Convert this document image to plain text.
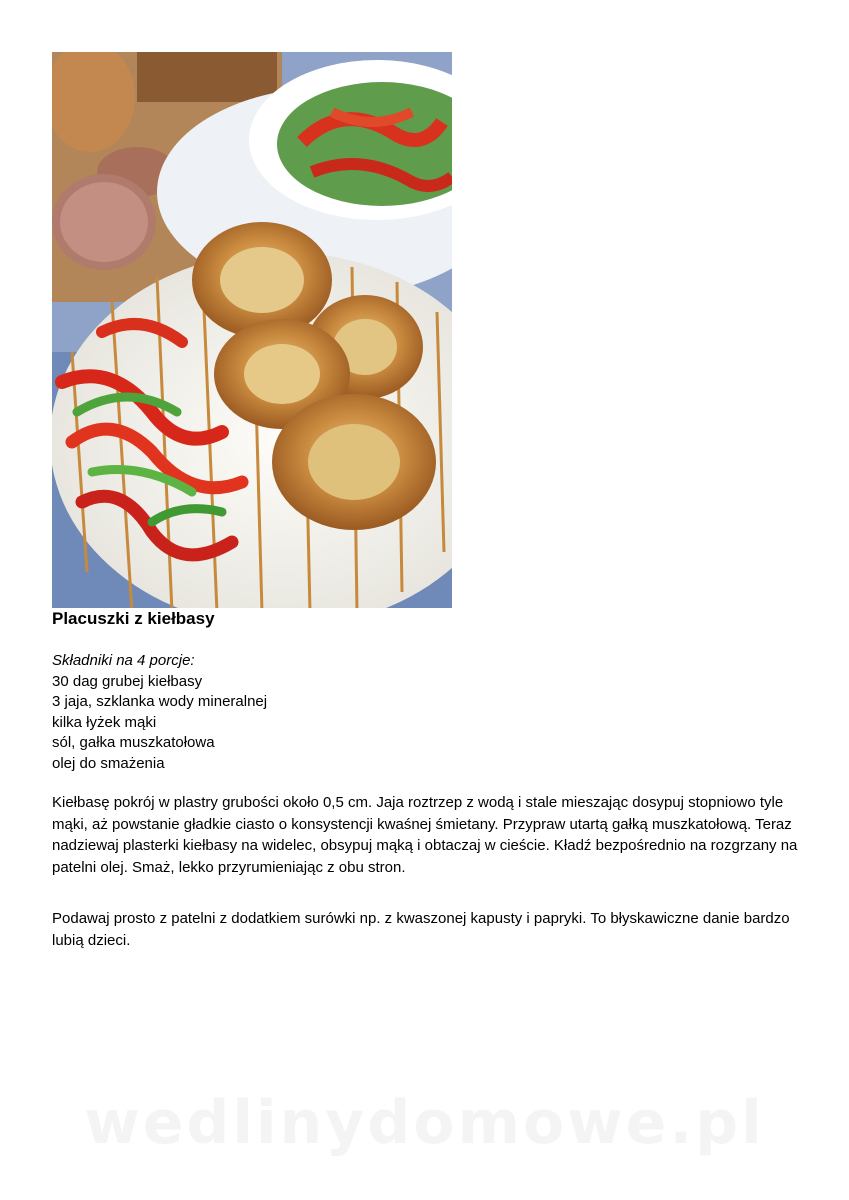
Placuszki z kiełbasy
Składniki na 4 porcje:
30 dag grubej kiełbasy
3 jaja, szklanka wody mineralnej
kilka łyżek mąki
sól, gałka muszkatołowa
olej do smażenia

Kiełbasę pokrój w plastry grubości około 0,5 cm. Jaja roztrzep z wodą i stale mieszając dosypuj stopniowo tyle mąki, aż powstanie gładkie ciasto o konsystencji kwaśnej śmietany. Przypraw utartą gałką muszkatołową. Teraz nadziewaj plasterki kiełbasy na widelec, obsypuj mąką i obtaczaj w cieście. Kładź bezpośrednio na rozgrzany na patelni olej. Smaż, lekko przyrumieniając z obu stron.

Podawaj prosto z patelni z dodatkiem surówki np. z kwaszonej kapusty i papryki. To błyskawiczne danie bardzo lubią dzieci.

wedlinydomowe.pl
